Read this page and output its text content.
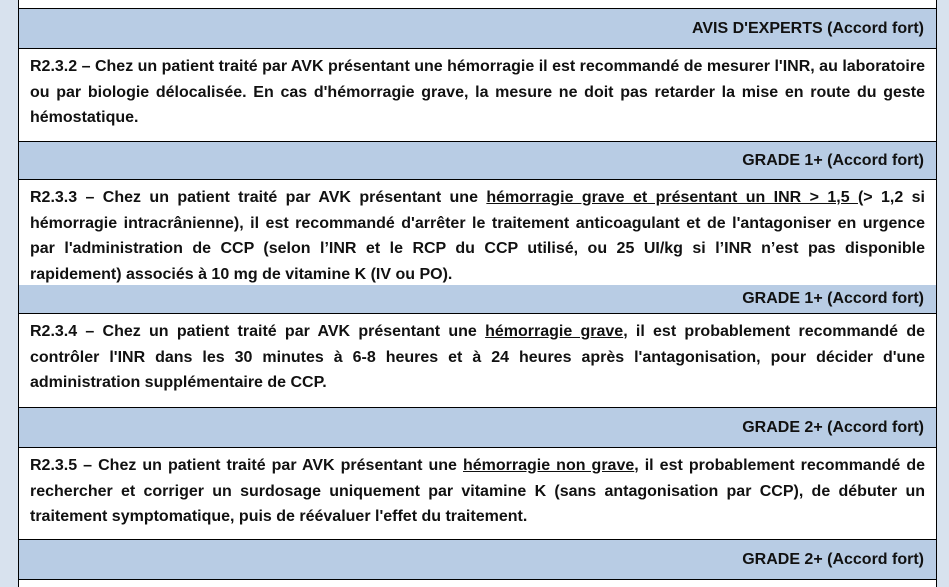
AVIS D'EXPERTS (Accord fort)
R2.3.2 – Chez un patient traité par AVK présentant une hémorragie il est recommandé de mesurer l'INR, au laboratoire ou par biologie délocalisée. En cas d'hémorragie grave, la mesure ne doit pas retarder la mise en route du geste hémostatique.
GRADE 1+ (Accord fort)
R2.3.3 – Chez un patient traité par AVK présentant une hémorragie grave et présentant un INR > 1,5 (> 1,2 si hémorragie intracrânienne), il est recommandé d'arrêter le traitement anticoagulant et de l'antagoniser en urgence par l'administration de CCP (selon l’INR et le RCP du CCP utilisé, ou 25 UI/kg si l’INR n’est pas disponible rapidement) associés à 10 mg de vitamine K (IV ou PO).
GRADE 1+ (Accord fort)
R2.3.4 – Chez un patient traité par AVK présentant une hémorragie grave, il est probablement recommandé de contrôler l'INR dans les 30 minutes à 6-8 heures et à 24 heures après l'antagonisation, pour décider d'une administration supplémentaire de CCP.
GRADE 2+ (Accord fort)
R2.3.5 – Chez un patient traité par AVK présentant une hémorragie non grave, il est probablement recommandé de rechercher et corriger un surdosage uniquement par vitamine K (sans antagonisation par CCP), de débuter un traitement symptomatique, puis de réévaluer l'effet du traitement.
GRADE 2+ (Accord fort)
